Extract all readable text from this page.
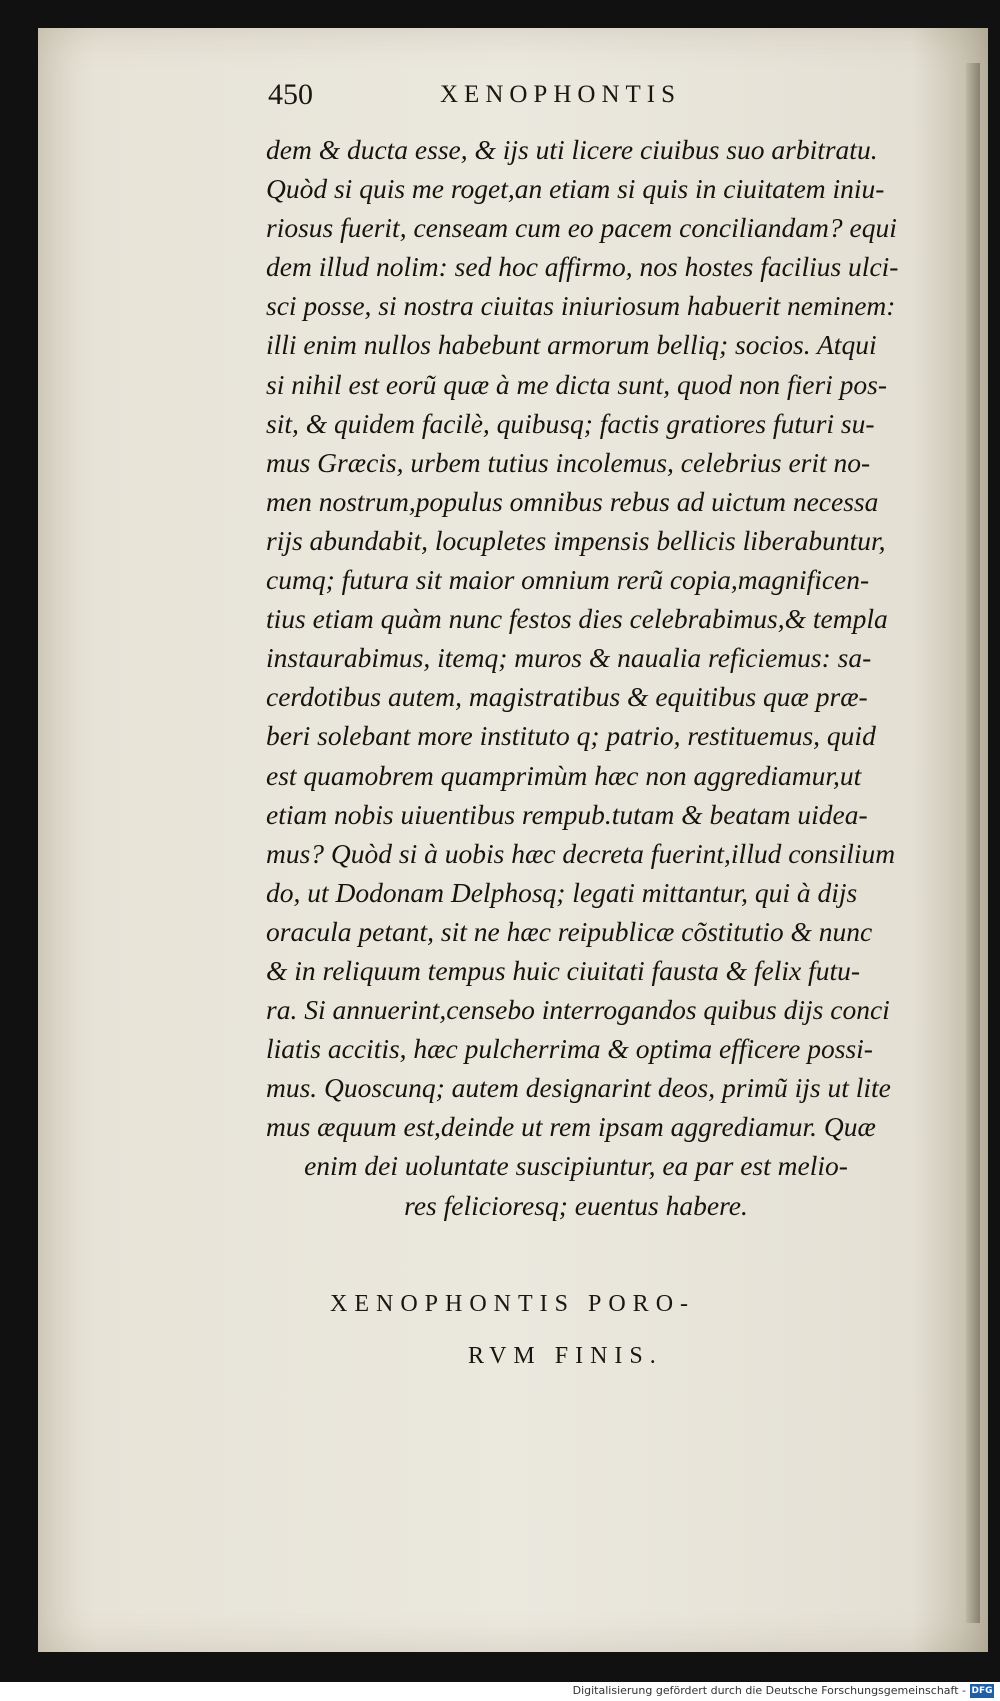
450	XENOPHONTIS
dem & ducta esse, & ijs uti licere ciuibus suo arbitratu.
Quòd si quis me roget,an etiam si quis in ciuitatem iniu-
riosus fuerit, censeam cum eo pacem conciliandam? equi
dem illud nolim: sed hoc affirmo, nos hostes facilius ulci-
sci posse, si nostra ciuitas iniuriosum habuerit neminem:
illi enim nullos habebunt armorum belliq; socios. Atqui
si nihil est eorũ quæ à me dicta sunt, quod non fieri pos-
sit, & quidem facilè, quibusq; factis gratiores futuri su-
mus Græcis, urbem tutius incolemus, celebrius erit no-
men nostrum,populus omnibus rebus ad uictum necessa
rijs abundabit, locupletes impensis bellicis liberabuntur,
cumq; futura sit maior omnium rerũ copia,magnificen-
tius etiam quàm nunc festos dies celebrabimus,& templa
instaurabimus, itemq; muros & naualia reficiemus: sa-
cerdotibus autem, magistratibus & equitibus quæ præ-
beri solebant more instituto q; patrio, restituemus, quid
est quamobrem quamprimùm hæc non aggrediamur,ut
etiam nobis uiuentibus rempub.tutam & beatam uidea-
mus? Quòd si à uobis hæc decreta fuerint,illud consilium
do, ut Dodonam Delphosq; legati mittantur, qui à dijs
oracula petant, sit ne hæc reipublicæ cõstitutio & nunc
& in reliquum tempus huic ciuitati fausta & felix futu-
ra. Si annuerint,censebo interrogandos quibus dijs conci
liatis accitis, hæc pulcherrima & optima efficere possi-
mus. Quoscunq; autem designarint deos, primũ ijs ut lite
mus æquum est,deinde ut rem ipsam aggrediamur. Quæ
enim dei uoluntate suscipiuntur, ea par est melio-
res felicioresq; euentus habere.
XENOPHONTIS PORO-
RVM FINIS.
Digitalisierung gefördert durch die Deutsche Forschungsgemeinschaft - DFG
